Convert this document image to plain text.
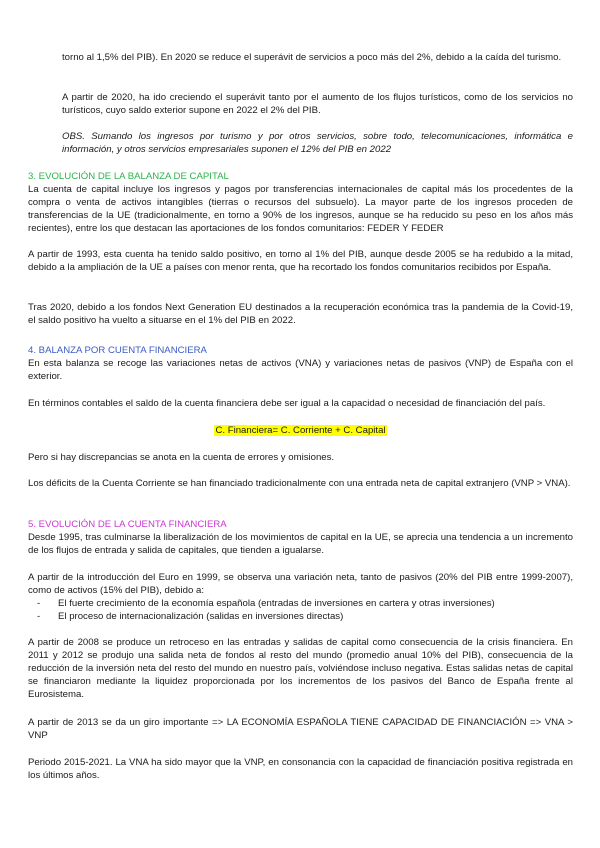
torno al 1,5% del PIB). En 2020 se reduce el superávit de servicios a poco más del 2%, debido a la caída del turismo.

A partir de 2020, ha ido creciendo el superávit tanto por el aumento de los flujos turísticos, como de los servicios no turísticos, cuyo saldo exterior supone en 2022 el 2% del PIB.

OBS. Sumando los ingresos por turismo y por otros servicios, sobre todo, telecomunicaciones, informática e información, y otros servicios empresariales suponen el 12% del PIB en 2022

3. EVOLUCIÓN DE LA BALANZA DE CAPITAL

La cuenta de capital incluye los ingresos y pagos por transferencias internacionales de capital más los procedentes de la compra o venta de activos intangibles (tierras o recursos del subsuelo). La mayor parte de los ingresos proceden de transferencias de la UE (tradicionalmente, en torno a 90% de los ingresos, aunque se ha reducido su peso en los años más recientes), entre los que destacan las aportaciones de los fondos comunitarios: FEDER Y FEDER

A partir de 1993, esta cuenta ha tenido saldo positivo, en torno al 1% del PIB, aunque desde 2005 se ha redubido a la mitad, debido a la ampliación de la UE a países con menor renta, que ha recortado los fondos comunitarios recibidos por España.

Tras 2020, debido a los fondos Next Generation EU destinados a la recuperación económica tras la pandemia de la Covid-19, el saldo positivo ha vuelto a situarse en el 1% del PIB en 2022.

4. BALANZA POR CUENTA FINANCIERA

En esta balanza se recoge las variaciones netas de activos (VNA) y variaciones netas de pasivos (VNP) de España con el exterior.

En términos contables el saldo de la cuenta financiera debe ser igual a la capacidad o necesidad de financiación del país.

C. Financiera= C. Corriente + C. Capital

Pero si hay discrepancias se anota en la cuenta de errores y omisiones.

Los déficits de la Cuenta Corriente se han financiado tradicionalmente con una entrada neta de capital extranjero (VNP > VNA).

5. EVOLUCIÓN DE LA CUENTA FINANCIERA

Desde 1995, tras culminarse la liberalización de los movimientos de capital en la UE, se aprecia una tendencia a un incremento de los flujos de entrada y salida de capitales, que tienden a igualarse.

A partir de la introducción del Euro en 1999, se observa una variación neta, tanto de pasivos (20% del PIB entre 1999-2007), como de activos (15% del PIB), debido a:

- El fuerte crecimiento de la economía española (entradas de inversiones en cartera y otras inversiones)
- El proceso de internacionalización (salidas en inversiones directas)

A partir de 2008 se produce un retroceso en las entradas y salidas de capital como consecuencia de la crisis financiera. En 2011 y 2012 se produjo una salida neta de fondos al resto del mundo (promedio anual 10% del PIB), consecuencia de la reducción de la inversión neta del resto del mundo en nuestro país, volviéndose incluso negativa. Estas salidas netas de capital se financiaron mediante la liquidez proporcionada por los incrementos de los pasivos del Banco de España frente al Eurosistema.

A partir de 2013 se da un giro importante => LA ECONOMÍA ESPAÑOLA TIENE CAPACIDAD DE FINANCIACIÓN => VNA > VNP

Periodo 2015-2021. La VNA ha sido mayor que la VNP, en consonancia con la capacidad de financiación positiva registrada en los últimos años.
